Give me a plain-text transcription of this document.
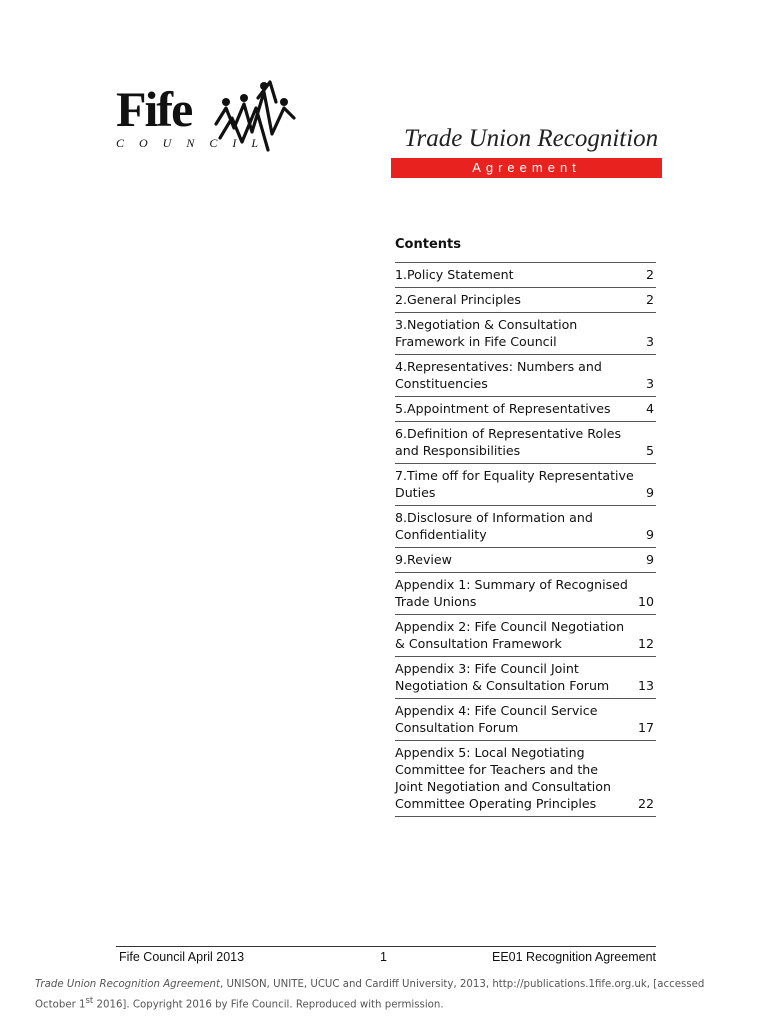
Fife
COUNCIL	Trade Union Recognition
Agreement
Contents
1.Policy Statement	2
2.General Principles	2
3.Negotiation & Consultation Framework in Fife Council	3
4.Representatives: Numbers and Constituencies	3
5.Appointment of Representatives	4
6.Definition of Representative Roles and Responsibilities	5
7.Time off for Equality Representative Duties	9
8.Disclosure of Information and Confidentiality	9
9.Review	9
Appendix 1: Summary of Recognised Trade Unions	10
Appendix 2: Fife Council Negotiation & Consultation Framework	12
Appendix 3: Fife Council Joint Negotiation & Consultation Forum	13
Appendix 4: Fife Council Service Consultation Forum	17
Appendix 5: Local Negotiating Committee for Teachers and the Joint Negotiation and Consultation Committee Operating Principles	22
Fife Council April 2013	1	EE01 Recognition Agreement
Trade Union Recognition Agreement, UNISON, UNITE, UCUC and Cardiff University, 2013, http://publications.1fife.org.uk, [accessed October 1st 2016]. Copyright 2016 by Fife Council. Reproduced with permission.
